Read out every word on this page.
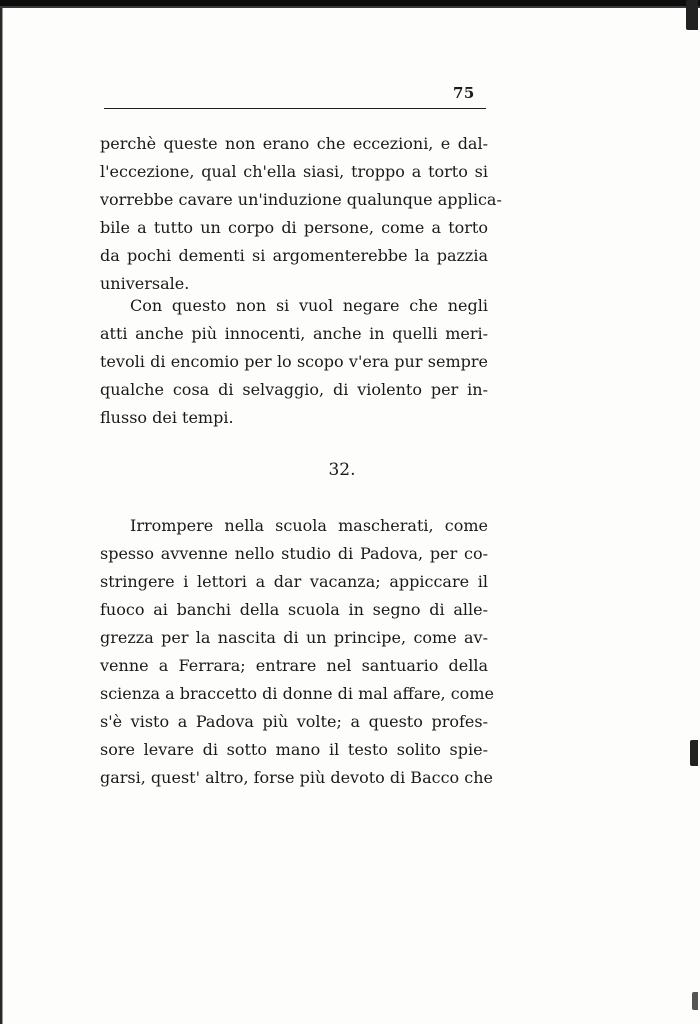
75
perchè queste non erano che eccezioni, e dal-
l'eccezione, qual ch'ella siasi, troppo a torto si
vorrebbe cavare un'induzione qualunque applica-
bile a tutto un corpo di persone, come a torto
da pochi dementi si argomenterebbe la pazzia
universale.
Con questo non si vuol negare che negli
atti anche più innocenti, anche in quelli meri-
tevoli di encomio per lo scopo v'era pur sempre
qualche cosa di selvaggio, di violento per in-
flusso dei tempi.
32.
Irrompere nella scuola mascherati, come
spesso avvenne nello studio di Padova, per co-
stringere i lettori a dar vacanza; appiccare il
fuoco ai banchi della scuola in segno di alle-
grezza per la nascita di un principe, come av-
venne a Ferrara; entrare nel santuario della
scienza a braccetto di donne di mal affare, come
s'è visto a Padova più volte; a questo profes-
sore levare di sotto mano il testo solito spie-
garsi, quest' altro, forse più devoto di Bacco che
